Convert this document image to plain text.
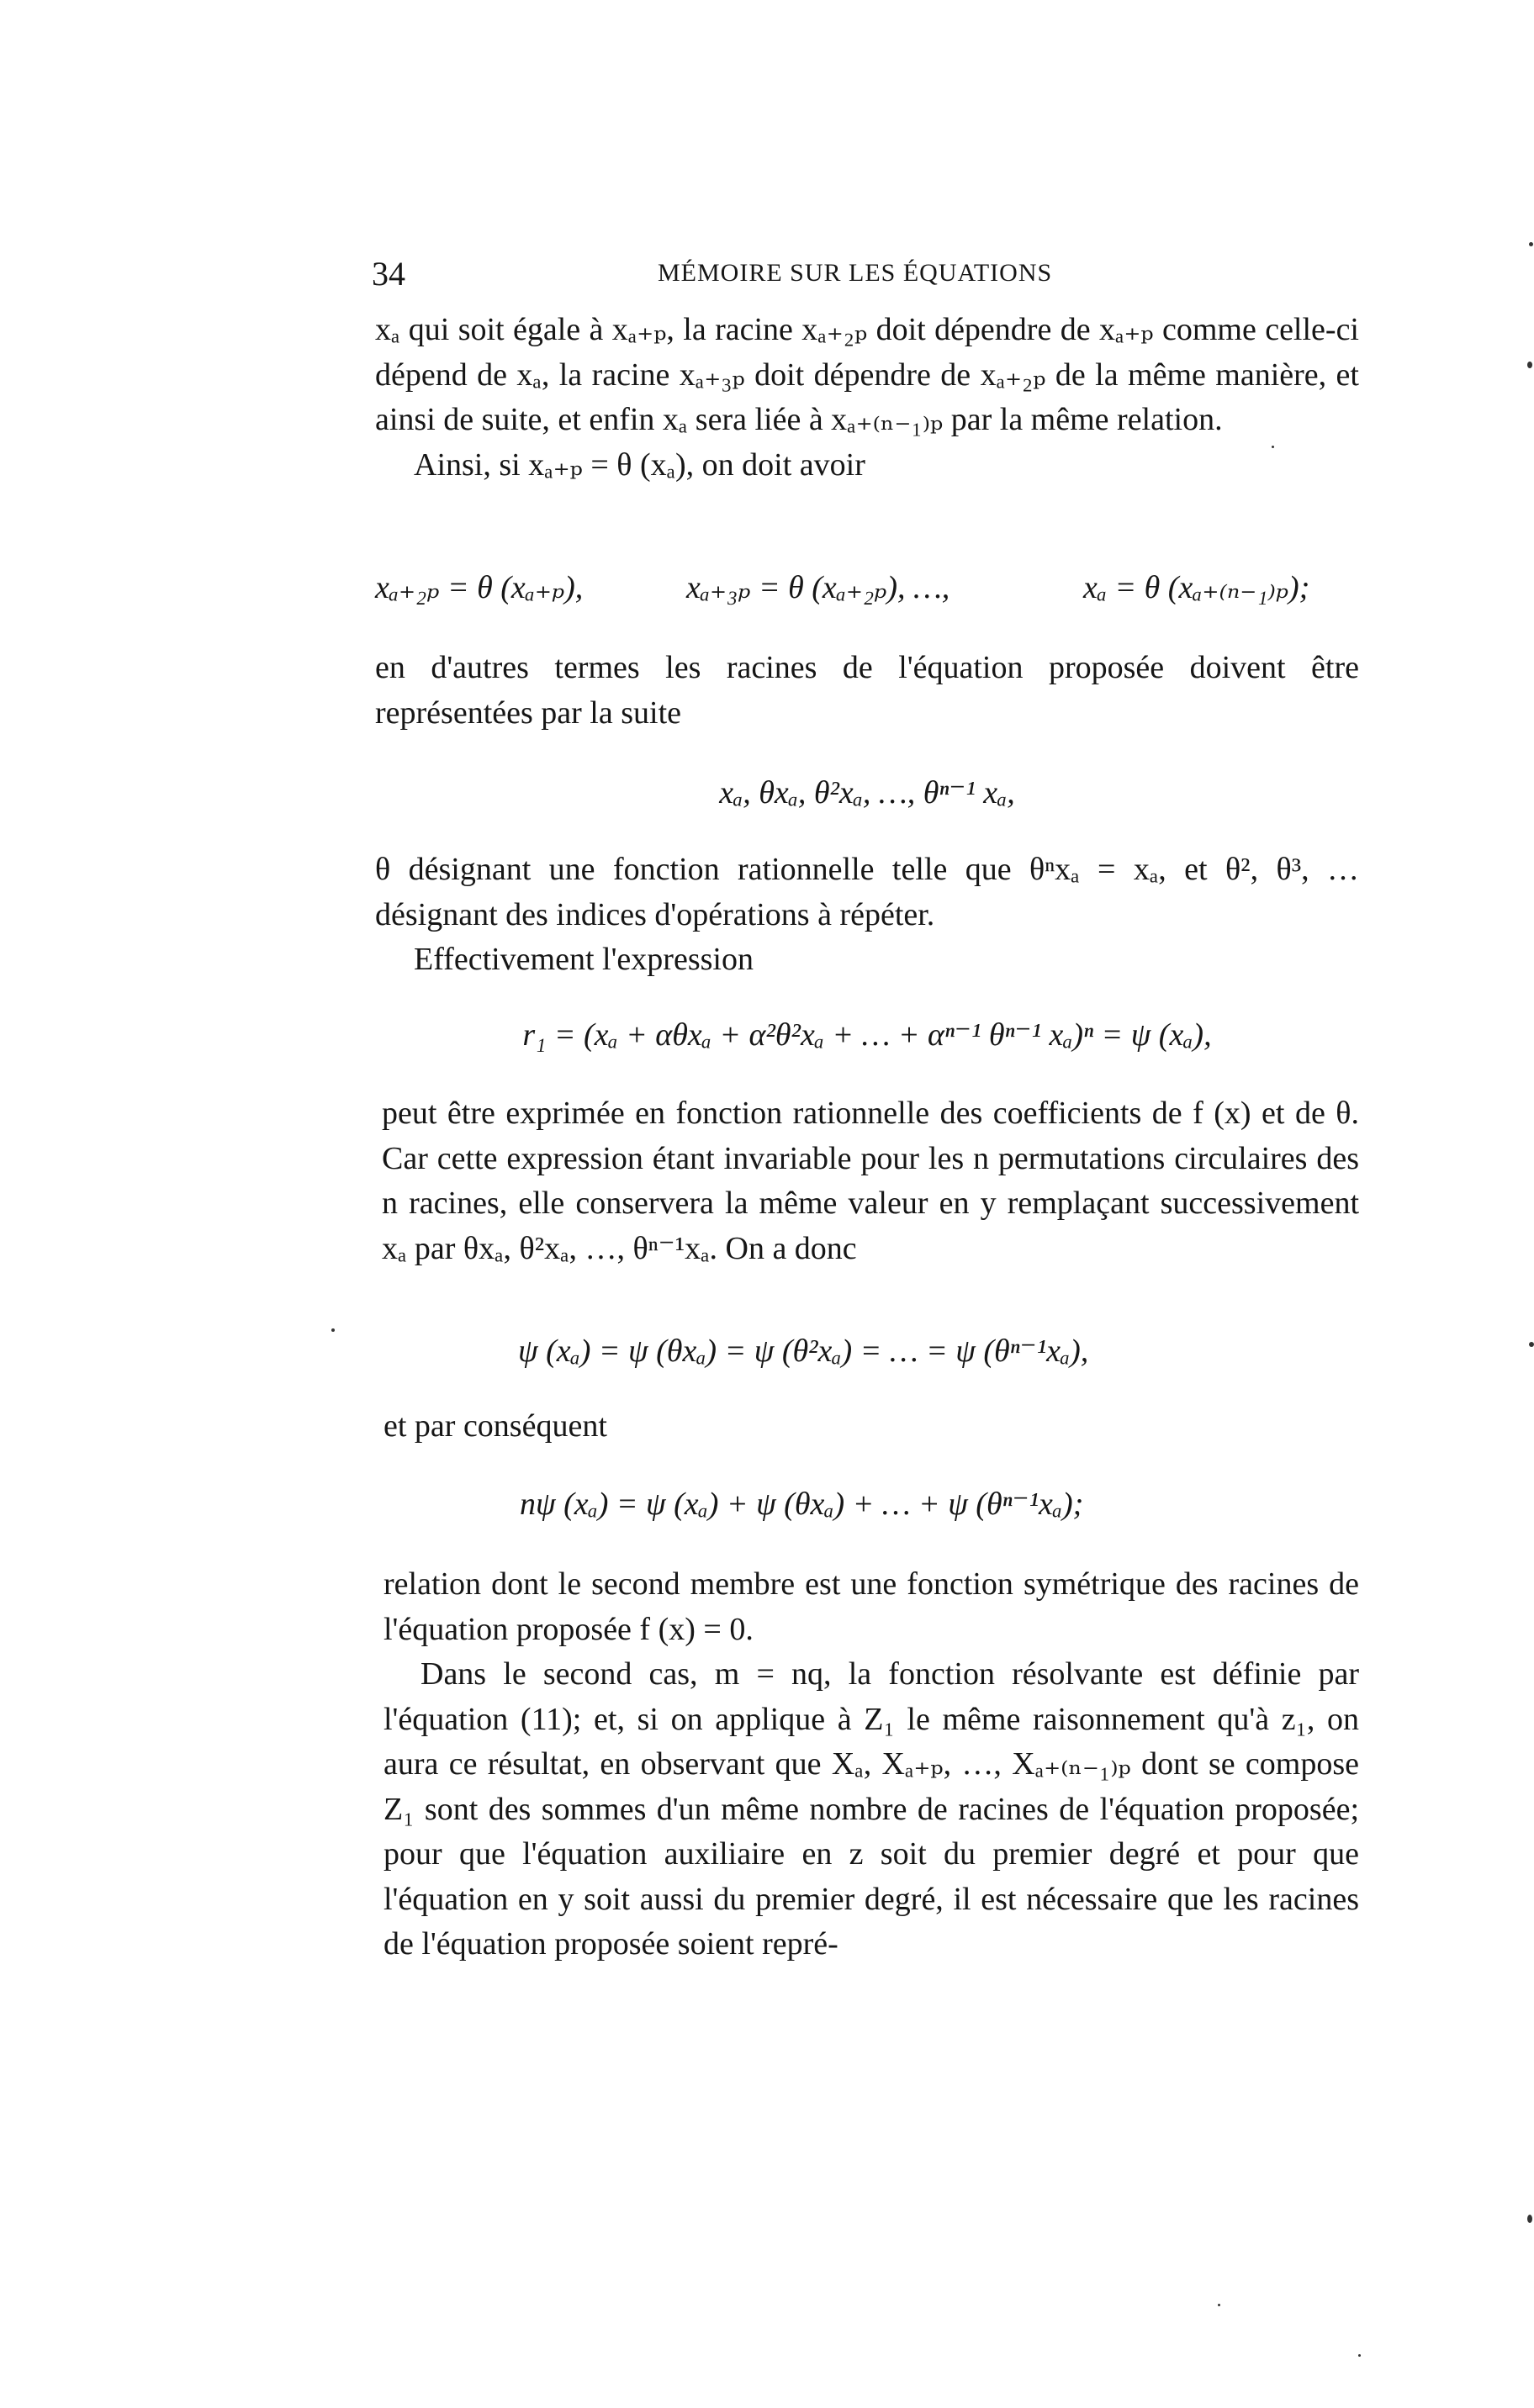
34	MÉMOIRE SUR LES ÉQUATIONS

xₐ qui soit égale à xₐ₊ₚ, la racine xₐ₊₂ₚ doit dépendre de xₐ₊ₚ comme celle-ci dépend de xₐ, la racine xₐ₊₃ₚ doit dépendre de xₐ₊₂ₚ de la même manière, et ainsi de suite, et enfin xₐ sera liée à xₐ₊₍ₙ₋₁₎ₚ par la même relation.

Ainsi, si xₐ₊ₚ = θ (xₐ), on doit avoir

xₐ₊₂ₚ = θ (xₐ₊ₚ),	xₐ₊₃ₚ = θ (xₐ₊₂ₚ), …,	xₐ = θ (xₐ₊₍ₙ₋₁₎ₚ);

en d'autres termes les racines de l'équation proposée doivent être représentées par la suite

xₐ, θxₐ, θ²xₐ, …, θⁿ⁻¹ xₐ,

θ désignant une fonction rationnelle telle que θⁿxₐ = xₐ, et θ², θ³, … désignant des indices d'opérations à répéter.

Effectivement l'expression

r₁ = (xₐ + αθxₐ + α²θ²xₐ + … + αⁿ⁻¹ θⁿ⁻¹ xₐ)ⁿ = ψ (xₐ),

peut être exprimée en fonction rationnelle des coefficients de f (x) et de θ. Car cette expression étant invariable pour les n permutations circulaires des n racines, elle conservera la même valeur en y remplaçant successivement xₐ par θxₐ, θ²xₐ, …, θⁿ⁻¹xₐ. On a donc

ψ (xₐ) = ψ (θxₐ) = ψ (θ²xₐ) = … = ψ (θⁿ⁻¹xₐ),

et par conséquent

nψ (xₐ) = ψ (xₐ) + ψ (θxₐ) + … + ψ (θⁿ⁻¹xₐ);

relation dont le second membre est une fonction symétrique des racines de l'équation proposée f (x) = 0.

Dans le second cas, m = nq, la fonction résolvante est définie par l'équation (11); et, si on applique à Z₁ le même raisonnement qu'à z₁, on aura ce résultat, en observant que Xₐ, Xₐ₊ₚ, …, Xₐ₊₍ₙ₋₁₎ₚ dont se compose Z₁ sont des sommes d'un même nombre de racines de l'équation proposée; pour que l'équation auxiliaire en z soit du premier degré et pour que l'équation en y soit aussi du premier degré, il est nécessaire que les racines de l'équation proposée soient repré-
